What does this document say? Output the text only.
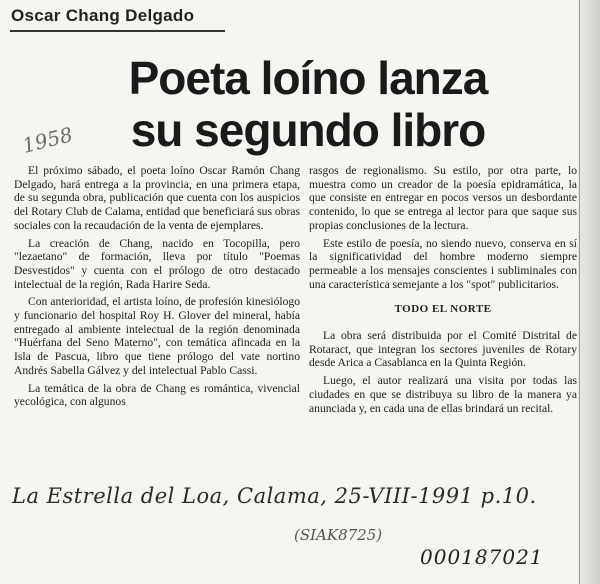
Oscar Chang Delgado
Poeta loíno lanza
su segundo libro
1958

El próximo sábado, el poeta loíno Oscar Ramón Chang Delgado, hará entrega a la provincia, en una primera etapa, de su segunda obra, publicación que cuenta con los auspicios del Rotary Club de Calama, entidad que beneficiará sus obras sociales con la recaudación de la venta de ejemplares.

La creación de Chang, nacido en Tocopilla, pero "lezaetano" de formación, lleva por título "Poemas Desvestidos" y cuenta con el prólogo de otro destacado intelectual de la región, Rada Harire Seda.

Con anterioridad, el artista loíno, de profesión kinesiólogo y funcionario del hospital Roy H. Glover del mineral, había entregado al ambiente intelectual de la región denominada "Huérfana del Seno Materno", con temática afincada en la Isla de Pascua, libro que tiene prólogo del vate nortino Andrés Sabella Gálvez y del intelectual Pablo Cassi.

La temática de la obra de Chang es romántica, vivencial yecológica, con algunos

rasgos de regionalismo. Su estilo, por otra parte, lo muestra como un creador de la poesía epidramática, la que consiste en entregar en pocos versos un desbordante contenido, lo que se entrega al lector para que saque sus propias conclusiones de la lectura.

Este estilo de poesía, no siendo nuevo, conserva en sí la significatividad del hombre moderno siempre permeable a los mensajes conscientes i subliminales con una característica semejante a los "spot" publicitarios.

TODO EL NORTE

La obra será distribuida por el Comité Distrital de Rotaract, que integran los sectores juveniles de Rotary desde Arica a Casablanca en la Quinta Región.

Luego, el autor realizará una visita por todas las ciudades en que se distribuya su libro de la manera ya anunciada y, en cada una de ellas brindará un recital.

La Estrella del Loa, Calama, 25-VIII-1991 p.10.
(SIAK8725)
000187021
